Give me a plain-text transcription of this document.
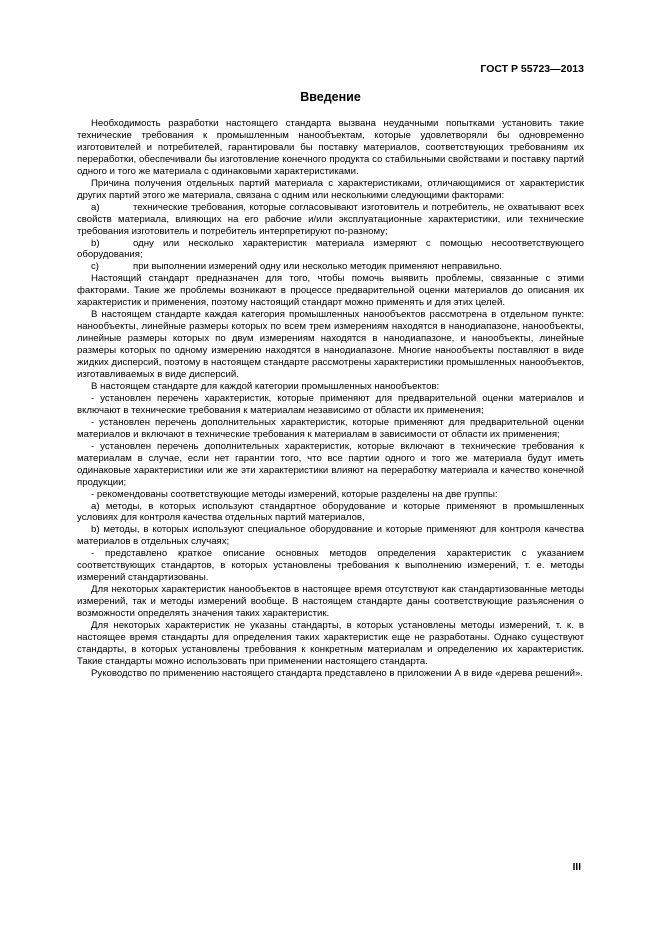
ГОСТ Р 55723—2013
Введение

Необходимость разработки настоящего стандарта вызвана неудачными попытками установить такие технические требования к промышленным нанообъектам, которые удовлетворяли бы одновременно изготовителей и потребителей, гарантировали бы поставку материалов, соответствующих требованиям их переработки, обеспечивали бы изготовление конечного продукта со стабильными свойствами и поставку партий одного и того же материала с одинаковыми характеристиками.

Причина получения отдельных партий материала с характеристиками, отличающимися от характеристик других партий этого же материала, связана с одним или несколькими следующими факторами:

a)	технические требования, которые согласовывают изготовитель и потребитель, не охватывают всех свойств материала, влияющих на его рабочие и/или эксплуатационные характеристики, или технические требования изготовитель и потребитель интерпретируют по-разному;

b)	одну или несколько характеристик материала измеряют с помощью несоответствующего оборудования;

c)	при выполнении измерений одну или несколько методик применяют неправильно.

Настоящий стандарт предназначен для того, чтобы помочь выявить проблемы, связанные с этими факторами. Такие же проблемы возникают в процессе предварительной оценки материалов до описания их характеристик и применения, поэтому настоящий стандарт можно применять и для этих целей.

В настоящем стандарте каждая категория промышленных нанообъектов рассмотрена в отдельном пункте: нанообъекты, линейные размеры которых по всем трем измерениям находятся в нанодиапазоне, нанообъекты, линейные размеры которых по двум измерениям находятся в нанодиапазоне, и нанообъекты, линейные размеры которых по одному измерению находятся в нанодиапазоне. Многие нанообъекты поставляют в виде жидких дисперсий, поэтому в настоящем стандарте рассмотрены характеристики промышленных нанообъектов, изготавливаемых в виде дисперсий.

В настоящем стандарте для каждой категории промышленных нанообъектов:

- установлен перечень характеристик, которые применяют для предварительной оценки материалов и включают в технические требования к материалам независимо от области их применения;

- установлен перечень дополнительных характеристик, которые применяют для предварительной оценки материалов и включают в технические требования к материалам в зависимости от области их применения;

- установлен перечень дополнительных характеристик, которые включают в технические требования к материалам в случае, если нет гарантии того, что все партии одного и того же материала будут иметь одинаковые характеристики или же эти характеристики влияют на переработку материала и качество конечной продукции;

- рекомендованы соответствующие методы измерений, которые разделены на две группы:

а) методы, в которых используют стандартное оборудование и которые применяют в промышленных условиях для контроля качества отдельных партий материалов,

b) методы, в которых используют специальное оборудование и которые применяют для контроля качества материалов в отдельных случаях;

- представлено краткое описание основных методов определения характеристик с указанием соответствующих стандартов, в которых установлены требования к выполнению измерений, т. е. методы измерений стандартизованы.

Для некоторых характеристик нанообъектов в настоящее время отсутствуют как стандартизованные методы измерений, так и методы измерений вообще. В настоящем стандарте даны соответствующие разъяснения о возможности определять значения таких характеристик.

Для некоторых характеристик не указаны стандарты, в которых установлены методы измерений, т. к. в настоящее время стандарты для определения таких характеристик еще не разработаны. Однако существуют стандарты, в которых установлены требования к конкретным материалам и определению их характеристик. Такие стандарты можно использовать при применении настоящего стандарта.

Руководство по применению настоящего стандарта представлено в приложении А в виде «дерева решений».

III
